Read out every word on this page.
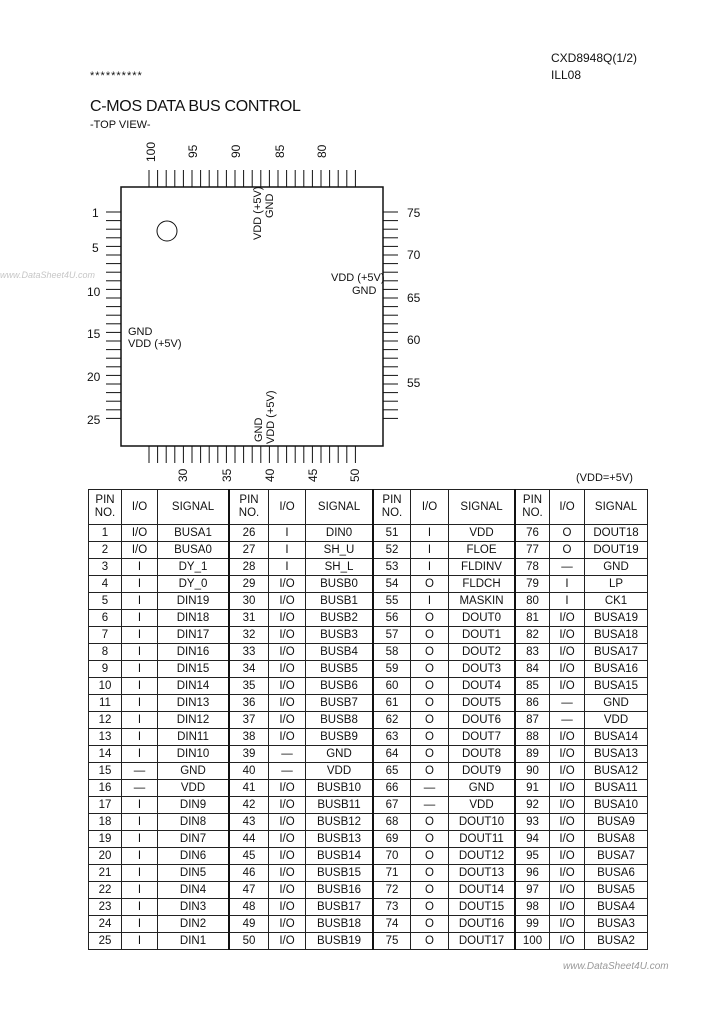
CXD8948Q(1/2)
ILL08
**********
C-MOS DATA BUS CONTROL
-TOP VIEW-
www.DataSheet4U.com
100 95 90	85 80
1
5
10
15
20
25
75
70
65
60
55
30	35 40 45 50
VDD (+5V) GND
VDD (+5V)
GND
GND
VDD (+5V)
GND VDD (+5V)
(VDD=+5V)
PIN NO.	I/O	SIGNAL	PIN NO.	I/O	SIGNAL	PIN NO.	I/O	SIGNAL	PIN NO.	I/O	SIGNAL
1	I/O	BUSA1	26	I	DIN0	51	I	VDD	76	O	DOUT18
2	I/O	BUSA0	27	I	SH_U	52	I	FLOE	77	O	DOUT19
3	I	DY_1	28	I	SH_L	53	I	FLDINV	78	—	GND
4	I	DY_0	29	I/O	BUSB0	54	O	FLDCH	79	I	LP
5	I	DIN19	30	I/O	BUSB1	55	I	MASKIN	80	I	CK1
6	I	DIN18	31	I/O	BUSB2	56	O	DOUT0	81	I/O	BUSA19
7	I	DIN17	32	I/O	BUSB3	57	O	DOUT1	82	I/O	BUSA18
8	I	DIN16	33	I/O	BUSB4	58	O	DOUT2	83	I/O	BUSA17
9	I	DIN15	34	I/O	BUSB5	59	O	DOUT3	84	I/O	BUSA16
10	I	DIN14	35	I/O	BUSB6	60	O	DOUT4	85	I/O	BUSA15
11	I	DIN13	36	I/O	BUSB7	61	O	DOUT5	86	—	GND
12	I	DIN12	37	I/O	BUSB8	62	O	DOUT6	87	—	VDD
13	I	DIN11	38	I/O	BUSB9	63	O	DOUT7	88	I/O	BUSA14
14	I	DIN10	39	—	GND	64	O	DOUT8	89	I/O	BUSA13
15	—	GND	40	—	VDD	65	O	DOUT9	90	I/O	BUSA12
16	—	VDD	41	I/O	BUSB10	66	—	GND	91	I/O	BUSA11
17	I	DIN9	42	I/O	BUSB11	67	—	VDD	92	I/O	BUSA10
18	I	DIN8	43	I/O	BUSB12	68	O	DOUT10	93	I/O	BUSA9
19	I	DIN7	44	I/O	BUSB13	69	O	DOUT11	94	I/O	BUSA8
20	I	DIN6	45	I/O	BUSB14	70	O	DOUT12	95	I/O	BUSA7
21	I	DIN5	46	I/O	BUSB15	71	O	DOUT13	96	I/O	BUSA6
22	I	DIN4	47	I/O	BUSB16	72	O	DOUT14	97	I/O	BUSA5
23	I	DIN3	48	I/O	BUSB17	73	O	DOUT15	98	I/O	BUSA4
24	I	DIN2	49	I/O	BUSB18	74	O	DOUT16	99	I/O	BUSA3
25	I	DIN1	50	I/O	BUSB19	75	O	DOUT17	100	I/O	BUSA2
www.DataSheet4U.com
